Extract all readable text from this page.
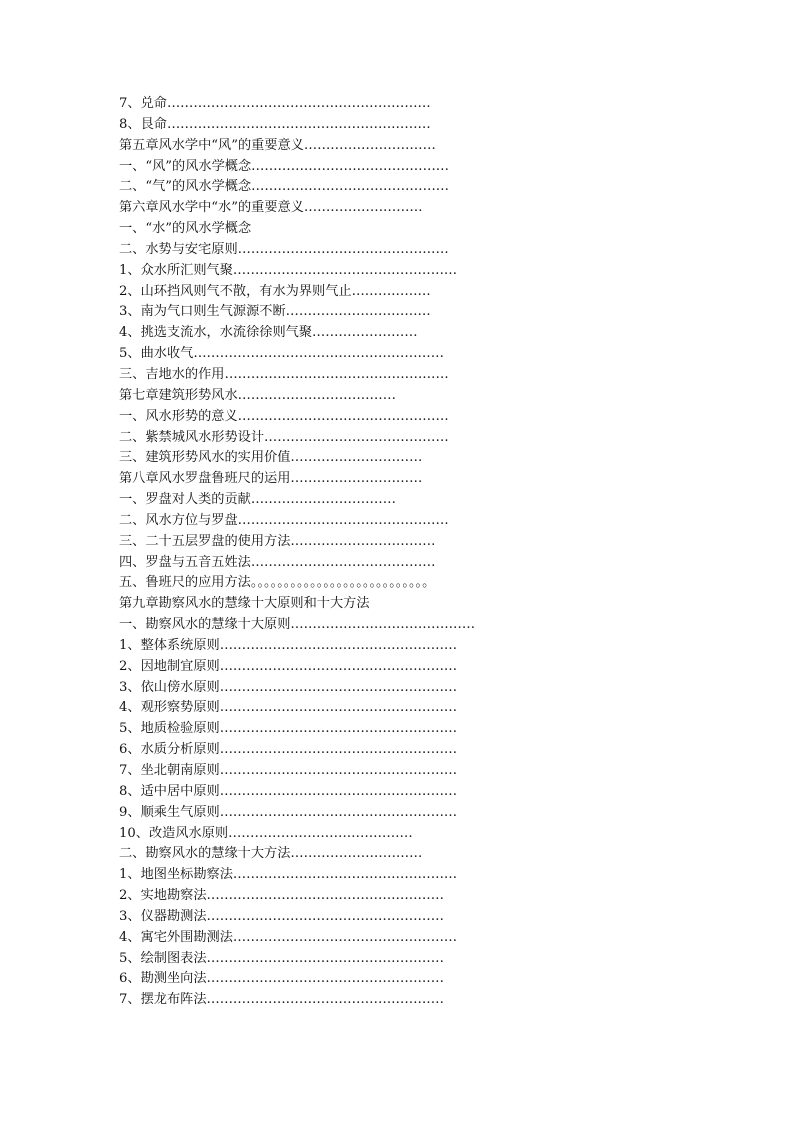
7、兑命……………………………………………………
8、艮命……………………………………………………
第五章风水学中“风”的重要意义…………………………
一、“风”的风水学概念………………………………………
二、“气”的风水学概念………………………………………
第六章风水学中“水”的重要意义………………………
一、“水”的风水学概念
二、水势与安宅原则…………………………………………
1、众水所汇则气聚……………………………………………
2、山环挡风则气不散，有水为界则气止………………
3、南为气口则生气源源不断……………………………
4、挑选支流水，水流徐徐则气聚……………………
5、曲水收气…………………………………………………
三、吉地水的作用……………………………………………
第七章建筑形势风水………………………………
一、风水形势的意义…………………………………………
二、紫禁城风水形势设计……………………………………
三、建筑形势风水的实用价值…………………………
第八章风水罗盘鲁班尺的运用…………………………
一、罗盘对人类的贡献……………………………
二、风水方位与罗盘…………………………………………
三、二十五层罗盘的使用方法……………………………
四、罗盘与五音五姓法……………………………………
五、鲁班尺的应用方法。。。。。。。。。。。。。。。。。。。。。。。。。。。
第九章勘察风水的慧缘十大原则和十大方法
一、勘察风水的慧缘十大原则……………………………………
1、整体系统原则………………………………………………
2、因地制宜原则………………………………………………
3、依山傍水原则………………………………………………
4、观形察势原则………………………………………………
5、地质检验原则………………………………………………
6、水质分析原则………………………………………………
7、坐北朝南原则………………………………………………
8、适中居中原则………………………………………………
9、顺乘生气原则………………………………………………
10、改造风水原则……………………………………
二、勘察风水的慧缘十大方法…………………………
1、地图坐标勘察法……………………………………………
2、实地勘察法………………………………………………
3、仪器勘测法………………………………………………
4、寓宅外围勘测法……………………………………………
5、绘制图表法………………………………………………
6、勘测坐向法………………………………………………
7、摆龙布阵法………………………………………………
